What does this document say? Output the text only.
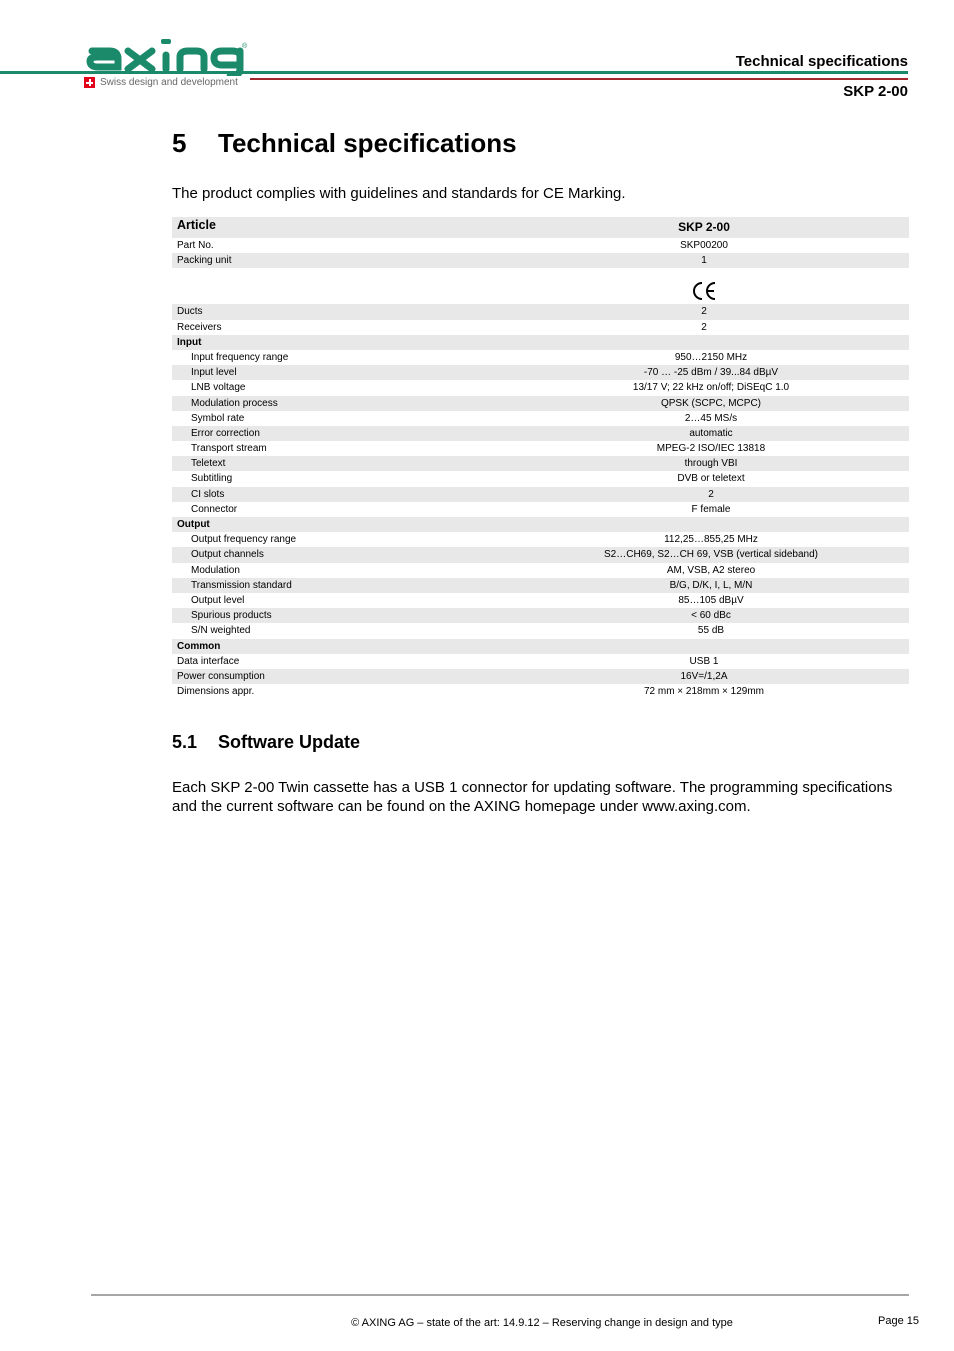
®
Swiss design and development
Technical specifications
SKP 2-00
5 Technical specifications
The product complies with guidelines and standards for CE Marking.
Article	SKP 2-00
Part No.	SKP00200
Packing unit	1
Ducts	2
Receivers	2
Input
Input frequency range	950…2150 MHz
Input level	-70 … -25 dBm / 39...84 dBµV
LNB voltage	13/17 V; 22 kHz on/off; DiSEqC 1.0
Modulation process	QPSK (SCPC, MCPC)
Symbol rate	2…45 MS/s
Error correction	automatic
Transport stream	MPEG-2 ISO/IEC 13818
Teletext	through VBI
Subtitling	DVB or teletext
CI slots	2
Connector	F female
Output
Output frequency range	112,25…855,25 MHz
Output channels	S2…CH69, S2…CH 69, VSB (vertical sideband)
Modulation	AM, VSB, A2 stereo
Transmission standard	B/G, D/K, I, L, M/N
Output level	85…105 dBµV
Spurious products	< 60 dBc
S/N weighted	55 dB
Common
Data interface	USB 1
Power consumption	16V=/1,2A
Dimensions appr.	72 mm × 218mm × 129mm
5.1 Software Update
Each SKP 2-00 Twin cassette has a USB 1 connector for updating software. The programming specifications and the current software can be found on the AXING homepage under www.axing.com.
© AXING AG – state of the art: 14.9.12 – Reserving change in design and type	Page 15
